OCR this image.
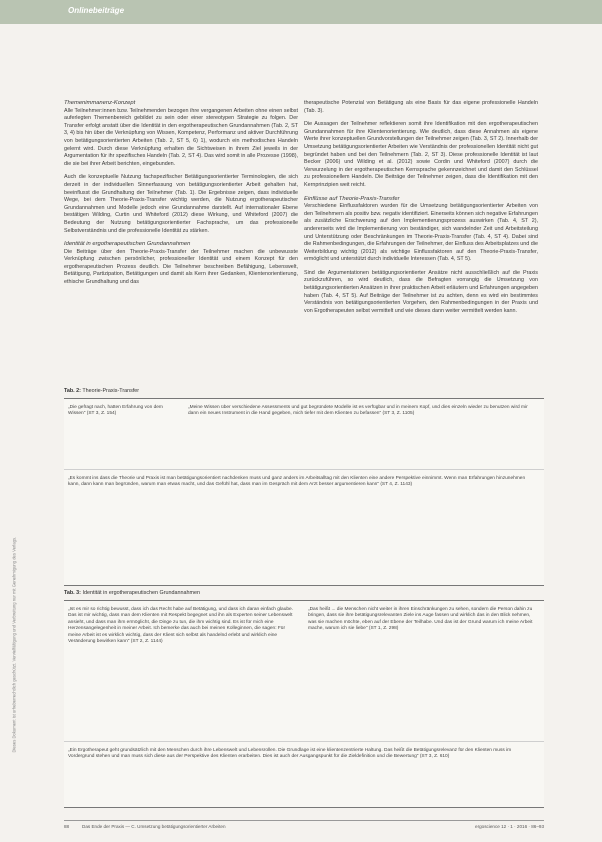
Onlinebeiträge
Dieses Dokument ist urheberrechtlich geschützt. Vervielfältigung und Verbreitung nur mit Genehmigung des Verlags.
Themenimmanenz-Konzept

Alle Teilnehmer:innen bzw. Teilnehmenden bezogen ihre vergangenen Arbeiten ohne einen selbst auferlegten Themenbereich gebildet zu sein oder einer stereotypen Strategie zu folgen. Der Transfer erfolgt anstatt über die Identität in den ergotherapeutischen Grundannahmen (Tab. 2, ST 3, 4) bis hin über die Verknüpfung von Wissen, Kompetenz, Performanz und aktiver Durchführung von betätigungsorientierten Arbeiten (Tab. 2, ST 5, 6) 1), wodurch ein methodisches Handeln gelernt wird. Durch diese Verknüpfung erhalten die Sichtweisen in ihrem Ziel jeweils in der Argumentation für ihr spezifisches Handeln (Tab. 2, ST 4). Das wird somit in alle Prozesse (1998), die sie bei ihrer Arbeit berichten, eingebunden.

Auch die konzeptuelle Nutzung fachspezifischer Betätigungsorientierter Terminologien, die sich derzeit in der individuellen Sinnerfassung von betätigungsorientierter Arbeit gehalten hat, beeinflusst die Grundhaltung der Teilnehmer (Tab. 1). Die Ergebnisse zeigen, dass individuelle Wege, bei dem Theorie-Praxis-Transfer wichtig werden, die Nutzung ergotherapeutischer Grundannahmen und Modelle jedoch eine Grundannahme darstellt. Auf internationaler Ebene bestätigen Wilding, Curtin und Whiteford (2012) diese Wirkung, und Whiteford (2007) die Bedeutung der Nutzung betätigungsorientierter Fachsprache, um das professionelle Selbstverständnis und die professionelle Identität zu stärken.

Identität in ergotherapeutischen Grundannahmen

Die Beiträge über den Theorie-Praxis-Transfer der Teilnehmer machen die unbewusste Verknüpfung zwischen persönlicher, professioneller Identität und einem Konzept für den ergotherapeutischen Prozess deutlich. Die Teilnehmer beschreiben Befähigung, Lebenswelt, Betätigung, Partizipation, Betätigungen und damit als Kern ihrer Gedanken, Klientenorientierung, ethische Grundhaltung und das

therapeutische Potenzial von Betätigung als eine Basis für das eigene professionelle Handeln (Tab. 3).

Die Aussagen der Teilnehmer reflektieren somit ihre Identifikation mit den ergotherapeutischen Grundannahmen für ihre Klientenorientierung. Wie deutlich, dass diese Annahmen als eigene Werte ihrer konzeptuellen Grundvorstellungen der Teilnehmer zeigen (Tab. 3, ST 2). Innerhalb der Umsetzung betätigungsorientierter Arbeiten wie Verständnis der professionellen Identität nicht gut begründet haben und bei den Teilnehmern (Tab. 2, ST 3). Diese professionelle Identität ist laut Becker (2006) und Wilding et al. (2012) sowie Cordin und Whiteford (2007) durch die Verwurzelung in der ergotherapeutischen Kernsprache gekennzeichnet und damit den Schlüssel zu professionellem Handeln. Die Beiträge der Teilnehmer zeigen, dass die Identifikation mit den Kernprinzipien weit reicht.

Einflüsse auf Theorie-Praxis-Transfer

Verschiedene Einflussfaktoren wurden für die Umsetzung betätigungsorientierter Arbeiten von den Teilnehmern als positiv bzw. negativ identifiziert. Einerseits können sich negative Erfahrungen als zusätzliche Erschwerung auf den Implementierungsprozess auswirken (Tab. 4, ST 2), andererseits wird die Implementierung von beständiger, sich wandelnder Zeit und Arbeitsteilung und Unterstützung oder Beschränkungen im Theorie-Praxis-Transfer (Tab. 4, ST 4). Dabei sind die Rahmenbedingungen, die Erfahrungen der Teilnehmer, der Einfluss des Arbeitsplatzes und die Weiterbildung wichtig (2012) als wichtige Einflussfaktoren auf den Theorie-Praxis-Transfer, ermöglicht und unterstützt durch individuelle Interessen (Tab. 4, ST 5).

Sind die Argumentationen betätigungsorientierter Ansätze nicht ausschließlich auf die Praxis zurückzuführen, so wird deutlich, dass die Befragten vorrangig die Umsetzung von betätigungsorientierten Ansätzen in ihrer praktischen Arbeit erläutern und Erfahrungen angegeben haben (Tab. 4, ST 5). Auf Beiträge der Teilnehmer ist zu achten, denn es wird ein bestimmtes Verständnis von betätigungsorientierten Vorgehen, den Rahmenbedingungen in der Praxis und von Ergotherapeuten selbst vermittelt und wie dieses dann weiter vermittelt werden kann.

Tab. 2: Theorie-Praxis-Transfer
„Die gefragt nach, hatten Erfahrung von dem Wissen" (ST 3, Z. 154)
„Meine Wissen über verschiedene Assessments und gut begründete Modelle ist es verfügbar und in meinem Kopf, und dies einzeln wieder zu benutzen wird mir dann ein neues Instrument in die Hand gegeben, mich tiefer mit dem Klienten zu befassen" (ST 3, Z. 1105)
„Es kommt ins dass die Theorie und Praxis ist man betätigungsorientiert nachdenken muss und ganz anders im Arbeitsalltag mit den Klienten eine andere Perspektive einnimmt. Wenn man Erfahrungen hinzunehmen kann, dann kann man begründen, warum man etwas macht, und das Gefühl hat, dass man im Gespräch mit dem Arzt besser argumentieren kann" (ST 4, Z. 1143)
Tab. 3: Identität in ergotherapeutischen Grundannahmen
„Ist es mir so richtig bewusst, dass ich das Recht habe auf Betätigung, und dass ich daran einfach glaube. Das ist mir wichtig, dass man dem Klienten mit Respekt begegnet und ihn als Experten seiner Lebenswelt ansieht, und dass man ihm ermöglicht, die Dinge zu tun, die ihm wichtig sind. Es ist für mich eine Herzensangelegenheit in meiner Arbeit. Ich bemerke das auch bei meinen Kolleginnen, die sagen: Für meine Arbeit ist es wirklich wichtig, dass der Klient sich selbst als handelnd erlebt und wirklich eine Veränderung bewirken kann" (ST 2, Z. 1144)
„Das heißt ... die Menschen nicht weiter in ihren Einschränkungen zu sehen, sondern die Person dahin zu bringen, dass sie ihre betätigungsrelevanten Ziele ins Auge fassen und wirklich das in den Blick nehmen, was sie machen möchte, eben auf der Ebene der Teilhabe. Und das ist der Grund warum ich meine Arbeit mache, warum ich sie liebe" (ST 1, Z. 298)
„Ein Ergotherapeut geht grundsätzlich mit den Menschen durch ihre Lebenswelt und Lebensrollen. Die Grundlage ist eine klientenzentrierte Haltung. Das heißt die Betätigungsrelevanz für den Klienten muss im Vordergrund stehen und man muss sich diese aus der Perspektive des Klienten erarbeiten. Dies ist auch der Ausgangspunkt für die Zieldefinition und die Bewertung" (ST 3, Z. 610)
88	Das Ende der Praxis — C. Umsetzung betätigungsorientierter Arbeiten	ergoscience 12 · 1 · 2016 · 86–93
